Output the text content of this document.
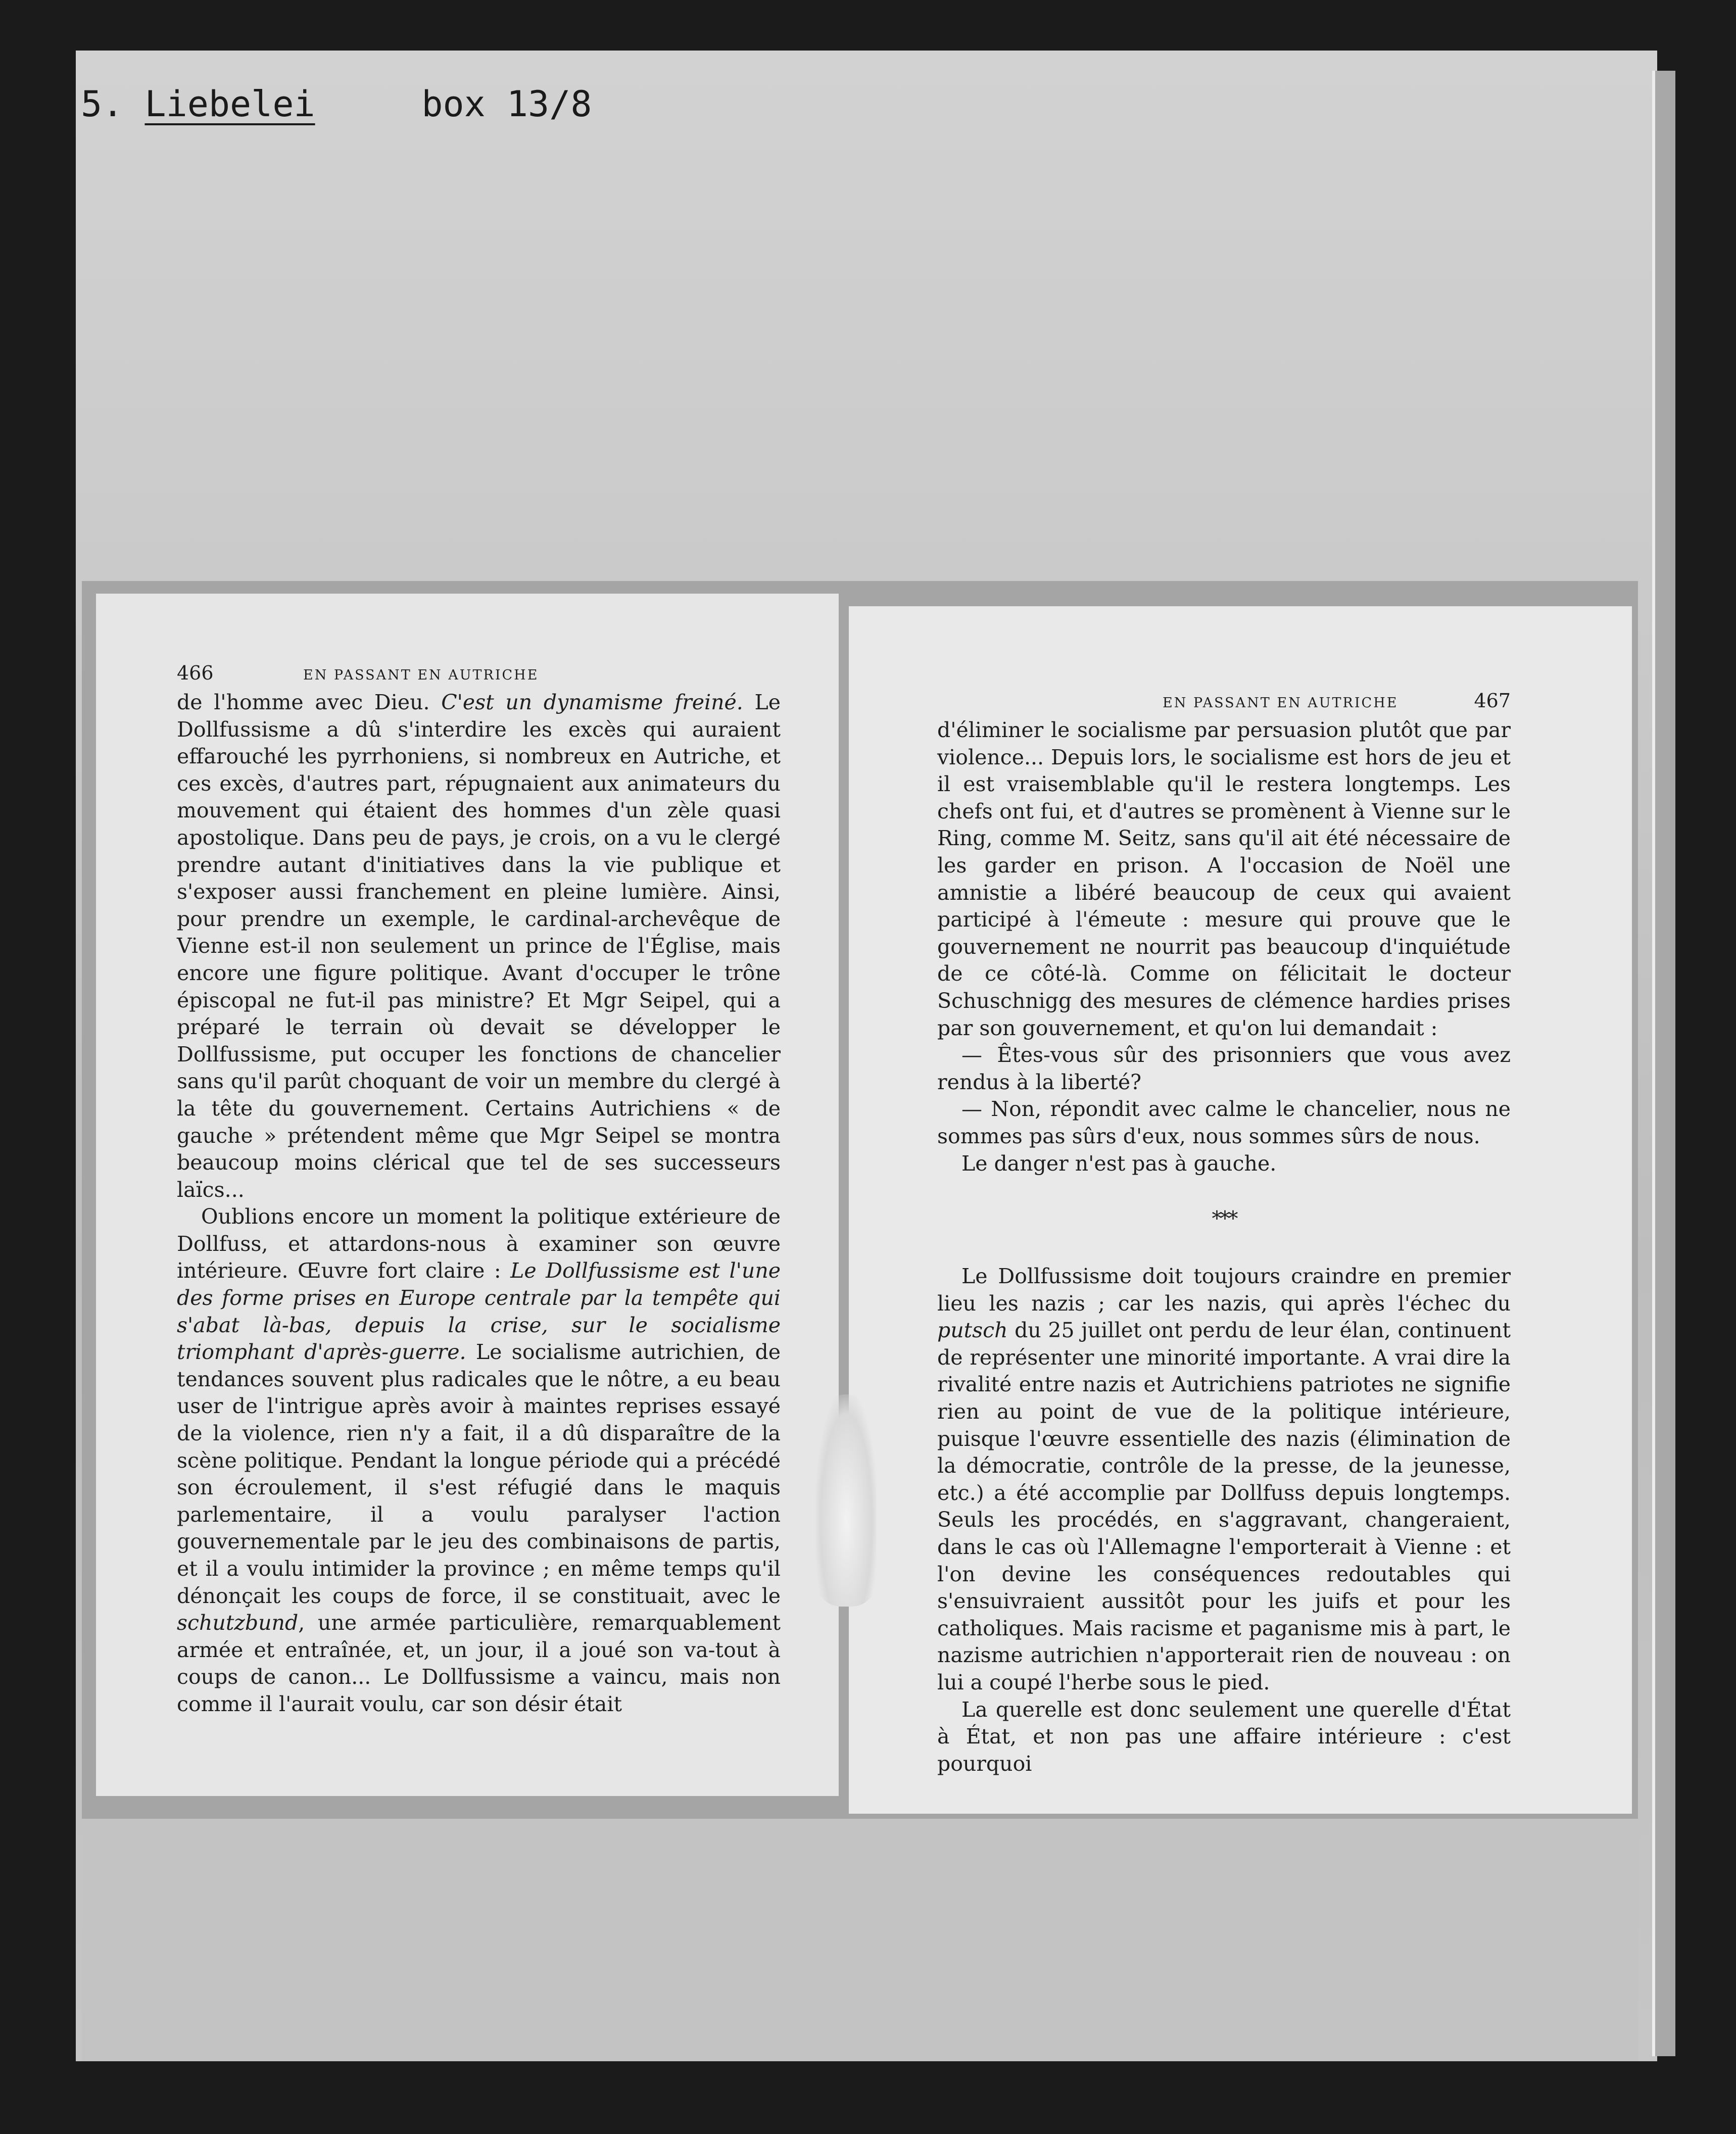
5. Liebelei	box 13/8
466	EN PASSANT EN AUTRICHE

de l'homme avec Dieu. C'est un dynamisme freiné. Le Dollfussisme a dû s'interdire les excès qui auraient effarouché les pyrrhoniens, si nombreux en Autriche, et ces excès, d'autres part, répugnaient aux animateurs du mouvement qui étaient des hommes d'un zèle quasi apostolique. Dans peu de pays, je crois, on a vu le clergé prendre autant d'initiatives dans la vie publique et s'exposer aussi franchement en pleine lumière. Ainsi, pour prendre un exemple, le cardinal-archevêque de Vienne est-il non seulement un prince de l'Église, mais encore une figure politique. Avant d'occuper le trône épiscopal ne fut-il pas ministre? Et Mgr Seipel, qui a préparé le terrain où devait se développer le Dollfussisme, put occuper les fonctions de chancelier sans qu'il parût choquant de voir un membre du clergé à la tête du gouvernement. Certains Autrichiens « de gauche » prétendent même que Mgr Seipel se montra beaucoup moins clérical que tel de ses successeurs laïcs...

Oublions encore un moment la politique extérieure de Dollfuss, et attardons-nous à examiner son œuvre intérieure. Œuvre fort claire : Le Dollfussisme est l'une des forme prises en Europe centrale par la tempête qui s'abat là-bas, depuis la crise, sur le socialisme triomphant d'après-guerre. Le socialisme autrichien, de tendances souvent plus radicales que le nôtre, a eu beau user de l'intrigue après avoir à maintes reprises essayé de la violence, rien n'y a fait, il a dû disparaître de la scène politique. Pendant la longue période qui a précédé son écroulement, il s'est réfugié dans le maquis parlementaire, il a voulu paralyser l'action gouvernementale par le jeu des combinaisons de partis, et il a voulu intimider la province ; en même temps qu'il dénonçait les coups de force, il se constituait, avec le schutzbund, une armée particulière, remarquablement armée et entraînée, et, un jour, il a joué son va-tout à coups de canon... Le Dollfussisme a vaincu, mais non comme il l'aurait voulu, car son désir était

EN PASSANT EN AUTRICHE	467

d'éliminer le socialisme par persuasion plutôt que par violence... Depuis lors, le socialisme est hors de jeu et il est vraisemblable qu'il le restera longtemps. Les chefs ont fui, et d'autres se promènent à Vienne sur le Ring, comme M. Seitz, sans qu'il ait été nécessaire de les garder en prison. A l'occasion de Noël une amnistie a libéré beaucoup de ceux qui avaient participé à l'émeute : mesure qui prouve que le gouvernement ne nourrit pas beaucoup d'inquiétude de ce côté-là. Comme on félicitait le docteur Schuschnigg des mesures de clémence hardies prises par son gouvernement, et qu'on lui demandait :

— Êtes-vous sûr des prisonniers que vous avez rendus à la liberté?

— Non, répondit avec calme le chancelier, nous ne sommes pas sûrs d'eux, nous sommes sûrs de nous.

Le danger n'est pas à gauche.

⁎⁎⁎

Le Dollfussisme doit toujours craindre en premier lieu les nazis ; car les nazis, qui après l'échec du putsch du 25 juillet ont perdu de leur élan, continuent de représenter une minorité importante. A vrai dire la rivalité entre nazis et Autrichiens patriotes ne signifie rien au point de vue de la politique intérieure, puisque l'œuvre essentielle des nazis (élimination de la démocratie, contrôle de la presse, de la jeunesse, etc.) a été accomplie par Dollfuss depuis longtemps. Seuls les procédés, en s'aggravant, changeraient, dans le cas où l'Allemagne l'emporterait à Vienne : et l'on devine les conséquences redoutables qui s'ensuivraient aussitôt pour les juifs et pour les catholiques. Mais racisme et paganisme mis à part, le nazisme autrichien n'apporterait rien de nouveau : on lui a coupé l'herbe sous le pied.

La querelle est donc seulement une querelle d'État à État, et non pas une affaire intérieure : c'est pourquoi
